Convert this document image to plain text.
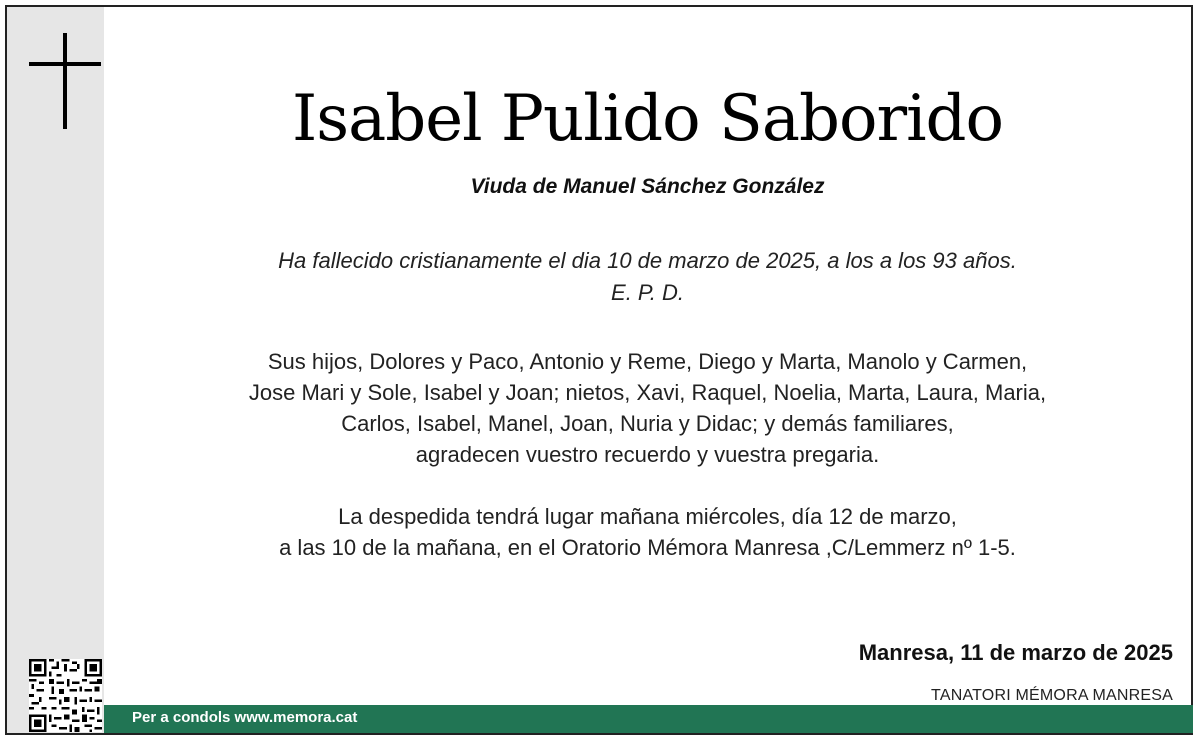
Isabel Pulido Saborido
Viuda de Manuel Sánchez González
Ha fallecido cristianamente el dia 10 de marzo de 2025, a los a los 93 años.
E. P. D.
Sus hijos, Dolores y Paco, Antonio y Reme, Diego y Marta, Manolo y Carmen,
Jose Mari y Sole, Isabel y Joan; nietos, Xavi, Raquel, Noelia, Marta, Laura, Maria,
Carlos, Isabel, Manel, Joan, Nuria y Didac; y demás familiares,
agradecen vuestro recuerdo y vuestra pregaria.
La despedida tendrá lugar mañana miércoles, día 12 de marzo,
a las 10 de la mañana, en el Oratorio Mémora Manresa ,C/Lemmerz nº 1-5.
Manresa, 11 de marzo de 2025
TANATORI MÉMORA MANRESA
Per a condols www.memora.cat
